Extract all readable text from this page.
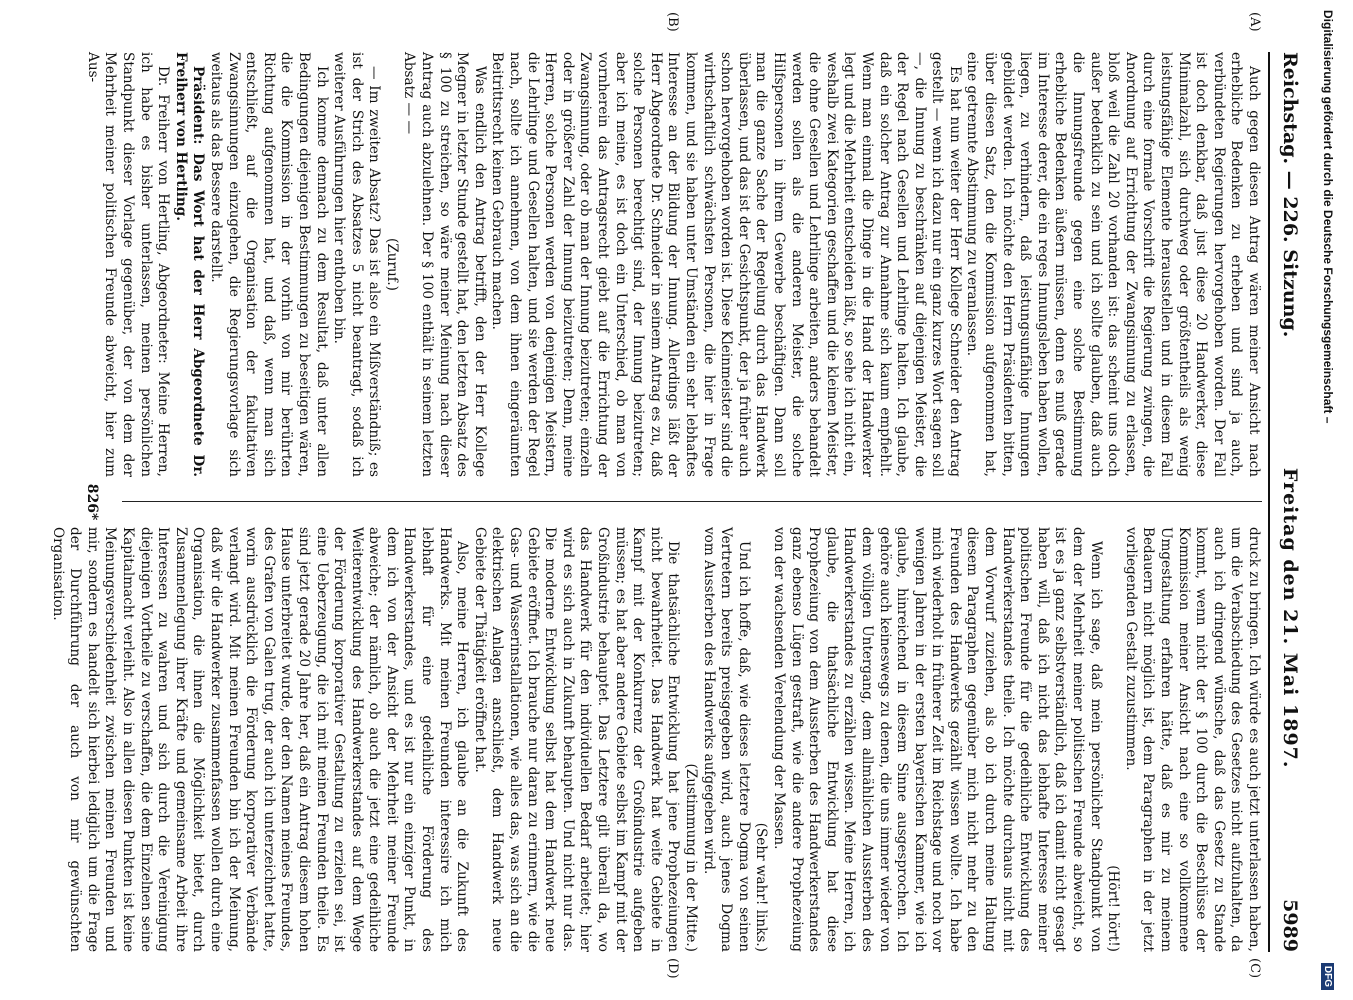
Digitalisierung gefördert durch die Deutsche Forschungsgemeinschaft –
DFG
Reichstag. — 226. Sitzung.
Freitag den 21. Mai 1897.
5989
(A)
(B)
(C)
(D)

Auch gegen diesen Antrag wären meiner Ansicht nach erhebliche Bedenken zu erheben und sind ja auch, verbündeten Regierungen hervorgehoben worden. Der Fall ist doch denkbar, daß just diese 20 Handwerker, diese Minimalzahl, sich durchweg oder größtentheils als wenig leistungsfähige Elemente herausstellen und in diesem Fall durch eine formale Vorschrift die Regierung zwingen, die Anordnung auf Errichtung der Zwangsinnung zu erlassen, bloß weil die Zahl 20 vorhanden ist: das scheint uns doch außer bedenklich zu sein und ich sollte glauben, daß auch die Innungsfreunde gegen eine solche Bestimmung erhebliche Bedenken äußern müssen, denn es muß gerade im Interesse derer, die ein reges Innungsleben haben wollen, liegen, zu verhindern, daß leistungsunfähige Innungen gebildet werden. Ich möchte den Herrn Präsidenten bitten, über diesen Satz, den die Kommission aufgenommen hat, eine getrennte Abstimmung zu veranlassen.

Es hat nun weiter der Herr Kollege Schneider den Antrag gestellt — wenn ich dazu nur ein ganz kurzes Wort sagen soll —, die Innung zu beschränken auf diejenigen Meister, die der Regel nach Gesellen und Lehrlinge halten. Ich glaube, daß ein solcher Antrag zur Annahme sich kaum empfiehlt. Wenn man einmal die Dinge in die Hand der Handwerker legt und die Mehrheit entscheiden läßt, so sehe ich nicht ein, weshalb zwei Kategorien geschaffen und die kleinen Meister, die ohne Gesellen und Lehrlinge arbeiten, anders behandelt werden sollen als die anderen Meister, die solche Hilfspersonen in ihrem Gewerbe beschäftigen. Dann soll man die ganze Sache der Regelung durch das Handwerk überlassen, und das ist der Gesichtspunkt, der ja früher auch schon hervorgehoben worden ist. Diese Kleinmeister sind die wirthschaftlich schwächsten Personen, die hier in Frage kommen, und sie haben unter Umständen ein sehr lebhaftes Interesse an der Bildung der Innung. Allerdings läßt der Herr Abgeordnete Dr. Schneider in seinem Antrag es zu, daß solche Personen berechtigt sind, der Innung beizutreten; aber ich meine, es ist doch ein Unterschied, ob man von vornherein das Antragsrecht giebt auf die Errichtung der Zwangsinnung, oder ob man der Innung beizutreten; einzeln oder in größerer Zahl der Innung beizutreten; Denn, meine Herren, solche Personen werden von denjenigen Meistern, die Lehrlinge und Gesellen halten, und sie werden der Regel nach, sollte ich annehmen, von dem ihnen eingeräumten Beitrittsrecht keinen Gebrauch machen.

Was endlich den Antrag betrifft, den der Herr Kollege Megner in letzter Stunde gestellt hat, den letzten Absatz des § 100 zu streichen, so wäre meiner Meinung nach dieser Antrag auch abzulehnen. Der § 100 enthält in seinem letzten Absatz — —

(Zuruf.)

— Im zweiten Absatz? Das ist also ein Mißverständniß; es ist der Strich des Absatzes 5 nicht beantragt, sodaß ich weiterer Ausführungen hier enthoben bin.

Ich komme demnach zu dem Resultat, daß unter allen Bedingungen diejenigen Bestimmungen zu beseitigen wären, die die Kommission in der vorhin von mir berührten Richtung aufgenommen hat, und daß, wenn man sich entschließt, auf die Organisation der fakultativen Zwangsinnungen einzugehen, die Regierungsvorlage sich weitaus als das Bessere darstellt.

Präsident: Das Wort hat der Herr Abgeordnete Dr. Freiherr von Hertling.

Dr. Freiherr von Hertling, Abgeordneter: Meine Herren, ich habe es bisher unterlassen, meinen persönlichen Standpunkt dieser Vorlage gegenüber, der von dem der Mehrheit meiner politischen Freunde abweicht, hier zum Aus-

druck zu bringen. Ich würde es auch jetzt unterlassen haben, um die Verabschiedung des Gesetzes nicht aufzuhalten, da auch ich dringend wünsche, daß das Gesetz zu Stande kommt, wenn nicht der § 100 durch die Beschlüsse der Kommission meiner Ansicht nach eine so vollkommene Umgestaltung erfahren hätte, daß es mir zu meinem Bedauern nicht möglich ist, dem Paragraphen in der jetzt vorliegenden Gestalt zuzustimmen.

(Hört! hört!)

Wenn ich sage, daß mein persönlicher Standpunkt von dem der Mehrheit meiner politischen Freunde abweicht, so ist es ja ganz selbstverständlich, daß ich damit nicht gesagt haben will, daß ich nicht das lebhafte Interesse meiner politischen Freunde für die gedeihliche Entwicklung des Handwerkerstandes theile. Ich möchte durchaus nicht mit dem Vorwurf zuziehen, als ob ich durch meine Haltung diesem Paragraphen gegenüber mich nicht mehr zu den Freunden des Handwerks gezählt wissen wollte. Ich habe mich wiederholt in früherer Zeit im Reichstage und noch vor wenigen Jahren in der ersten bayerischen Kammer, wie ich glaube, hinreichend in diesem Sinne ausgesprochen. Ich gehöre auch keineswegs zu denen, die uns immer wieder von dem völligen Untergang, dem allmählichen Aussterben des Handwerkerstandes zu erzählen wissen. Meine Herren, ich glaube, die thatsächliche Entwicklung hat diese Prophezeiung von dem Aussterben des Handwerkerstandes ganz ebenso Lügen gestraft, wie die andere Prophezeiung von der wachsenden Verelendung der Massen.

(Sehr wahr! links.)

Und ich hoffe, daß, wie dieses letztere Dogma von seinen Vertretern bereits preisgegeben wird, auch jenes Dogma vom Aussterben des Handwerks aufgegeben wird.

(Zustimmung in der Mitte.)

Die thatsächliche Entwicklung hat jene Prophezeiungen nicht bewahrheitet. Das Handwerk hat weite Gebiete in Kampf mit der Konkurrenz der Großindustrie aufgeben müssen; es hat aber andere Gebiete selbst im Kampf mit der Großindustrie behauptet. Das Letztere gilt überall da, wo das Handwerk für den individuellen Bedarf arbeitet; hier wird es sich auch in Zukunft behaupten. Und nicht nur das. Die moderne Entwicklung selbst hat dem Handwerk neue Gebiete eröffnet. Ich brauche nur daran zu erinnern, wie die Gas- und Wasserinstallationen, wie alles das, was sich an die elektrischen Anlagen anschließt, dem Handwerk neue Gebiete der Thätigkeit eröffnet hat.

Also, meine Herren, ich glaube an die Zukunft des Handwerks. Mit meinen Freunden interessire ich mich lebhaft für eine gedeihliche Förderung des Handwerkerstandes, und es ist nur ein einziger Punkt, in dem ich von der Ansicht der Mehrheit meiner Freunde abweiche; der nämlich, ob auch die jetzt eine gedeihliche Weiterentwicklung des Handwerkerstandes auf dem Wege der Förderung korporativer Gestaltung zu erzielen sei, ist eine Ueberzeugung, die ich mit meinen Freunden theile. Es sind jetzt gerade 20 Jahre her, daß ein Antrag diesem hohen Hause unterbreitet wurde, der den Namen meines Freundes, des Grafen von Galen trug, der auch ich unterzeichnet hatte, worin ausdrücklich die Förderung korporativer Verbände verlangt wird. Mit meinen Freunden bin ich der Meinung, daß wir die Handwerker zusammenfassen wollen durch eine Organisation, die ihnen die Möglichkeit bietet, durch Zusammenlegung ihrer Kräfte und gemeinsame Arbeit ihre Interessen zu wahren und sich durch die Vereinigung diejenigen Vortheile zu verschaffen, die dem Einzelnen seine Kapitalmacht verleiht. Also in allen diesen Punkten ist keine Meinungsverschiedenheit zwischen meinen Freunden und mir, sondern es handelt sich hierbei lediglich um die Frage der Durchführung der auch von mir gewünschten Organisation.

826*
